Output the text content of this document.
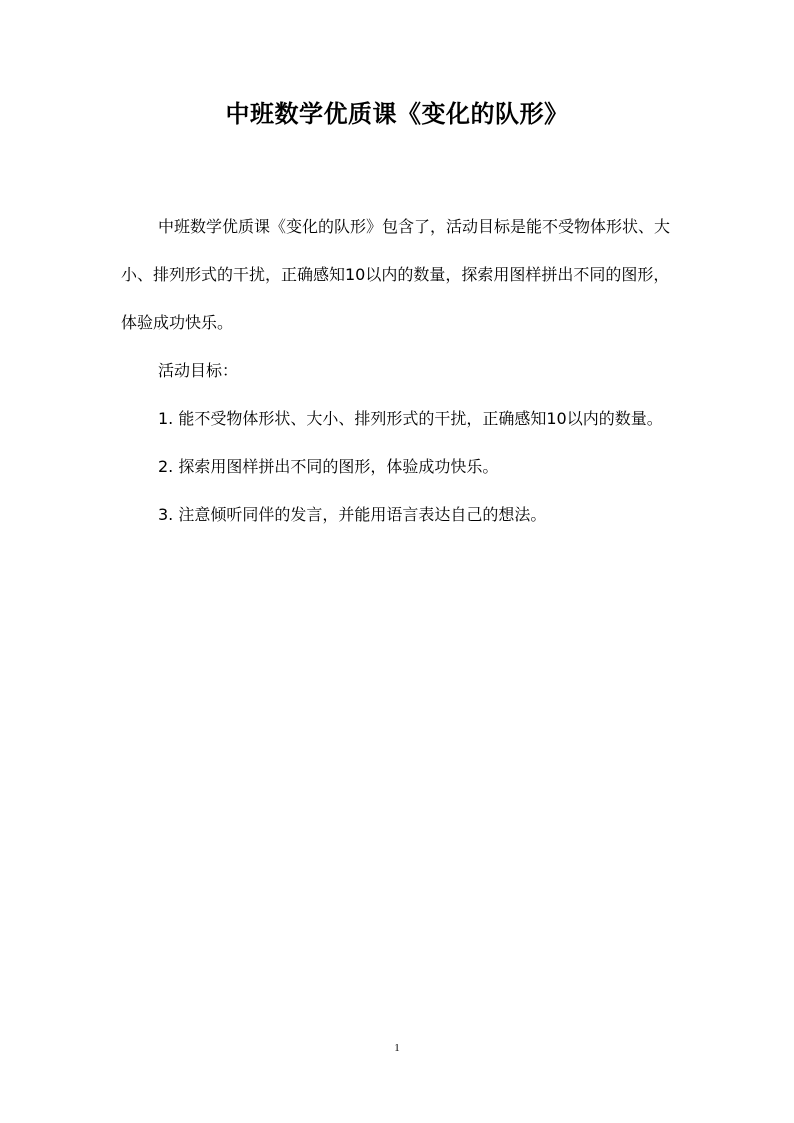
中班数学优质课《变化的队形》

中班数学优质课《变化的队形》包含了，活动目标是能不受物体形状、大小、排列形式的干扰，正确感知10以内的数量，探索用图样拼出不同的图形，体验成功快乐。

活动目标：

1. 能不受物体形状、大小、排列形式的干扰，正确感知10以内的数量。

2. 探索用图样拼出不同的图形，体验成功快乐。

3. 注意倾听同伴的发言，并能用语言表达自己的想法。

1
